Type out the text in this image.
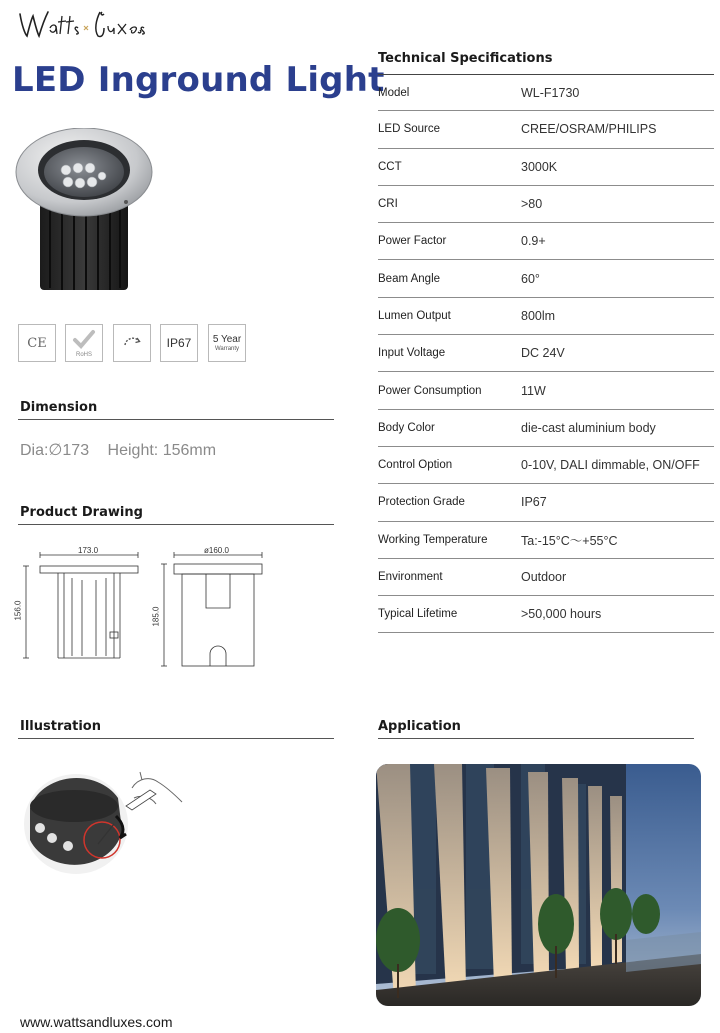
LED Inground Light
CE
RoHS
IP67 5 Year
Warranty
Dimension
Dia:∅173 Height: 156mm
Product Drawing
173.0
156.0
ø160.0
185.0
Illustration
Technical Specifications
Model	WL-F1730
LED Source	CREE/OSRAM/PHILIPS
CCT	3000K
CRI	>80
Power Factor	0.9+
Beam Angle	60°
Lumen Output	800lm
Input Voltage	DC 24V
Power Consumption	11W
Body Color	die-cast aluminium body
Control Option	0-10V, DALI dimmable, ON/OFF
Protection Grade	IP67
Working Temperature	Ta:-15°C～+55°C
Environment	Outdoor
Typical Lifetime	>50,000 hours
Application
www.wattsandluxes.com
